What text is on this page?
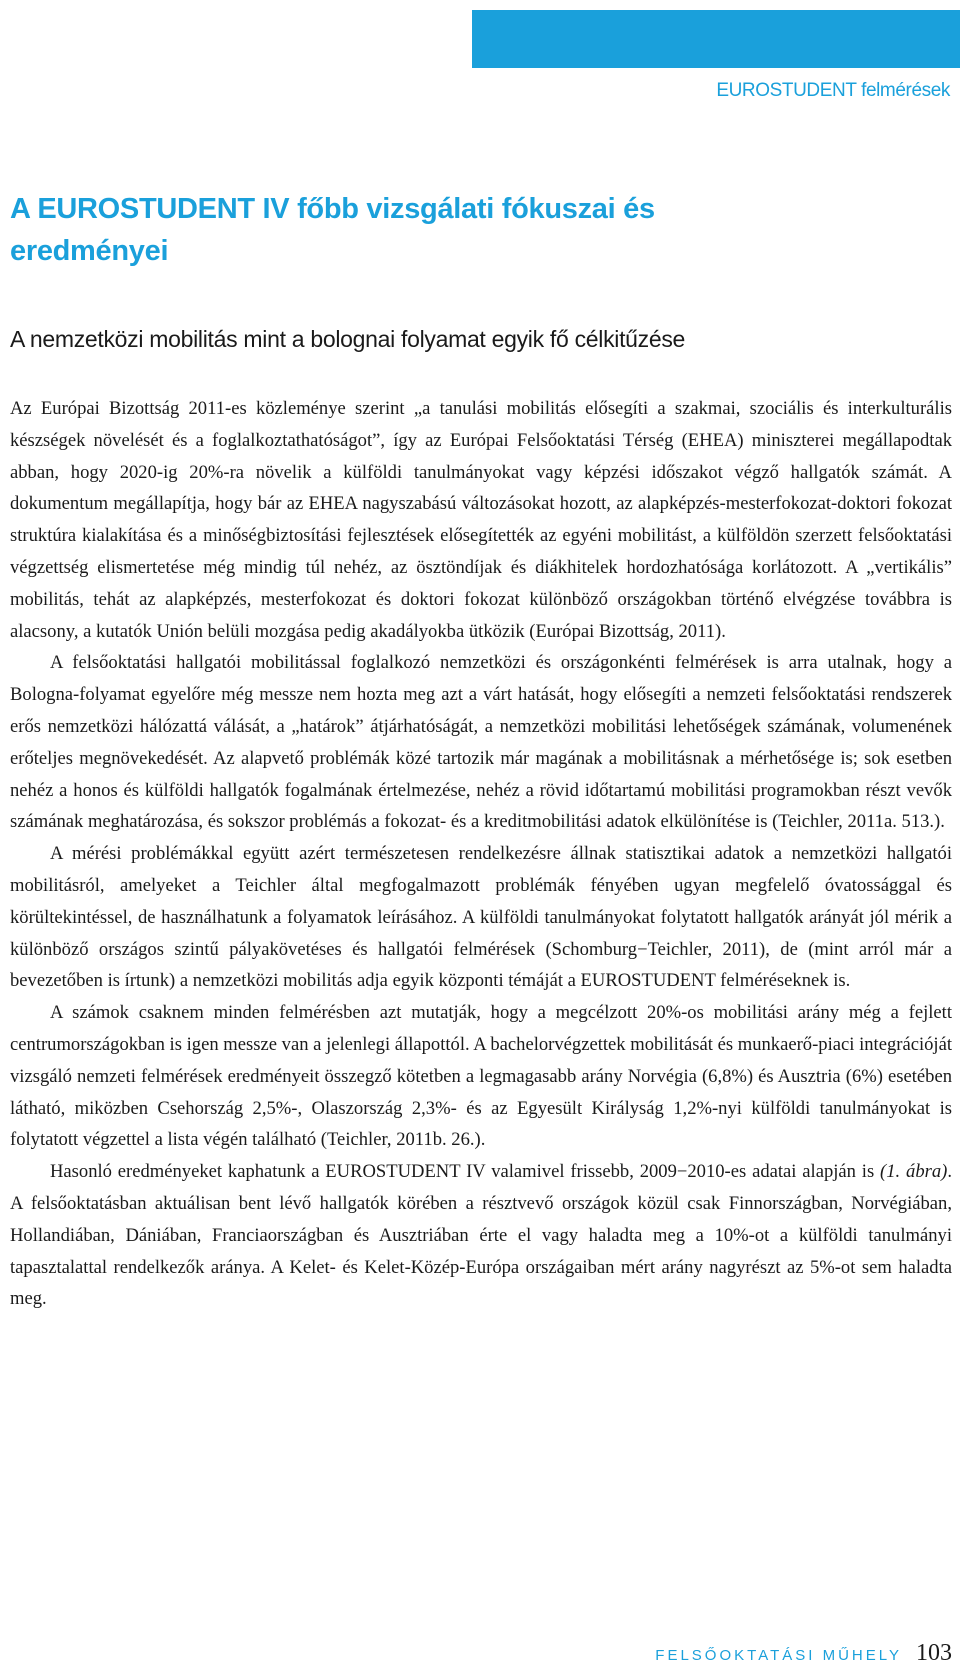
EUROSTUDENT felmérések
A EUROSTUDENT IV főbb vizsgálati fókuszai és eredményei
A nemzetközi mobilitás mint a bolognai folyamat egyik fő célkitűzése

Az Európai Bizottság 2011-es közleménye szerint „a tanulási mobilitás elősegíti a szakmai, szociális és interkulturális készségek növelését és a foglalkoztathatóságot”, így az Európai Felsőoktatási Térség (EHEA) miniszterei megállapodtak abban, hogy 2020-ig 20%-ra növelik a külföldi tanulmányokat vagy képzési időszakot végző hallgatók számát. A dokumentum megállapítja, hogy bár az EHEA nagyszabású változásokat hozott, az alapképzés-mesterfokozat-doktori fokozat struktúra kialakítása és a minőségbiztosítási fejlesztések elősegítették az egyéni mobilitást, a külföldön szerzett felsőoktatási végzettség elismertetése még mindig túl nehéz, az ösztöndíjak és diákhitelek hordozhatósága korlátozott. A „vertikális” mobilitás, tehát az alapképzés, mesterfokozat és doktori fokozat különböző országokban történő elvégzése továbbra is alacsony, a kutatók Unión belüli mozgása pedig akadályokba ütközik (Európai Bizottság, 2011).

A felsőoktatási hallgatói mobilitással foglalkozó nemzetközi és országonkénti felmérések is arra utalnak, hogy a Bologna-folyamat egyelőre még messze nem hozta meg azt a várt hatását, hogy elősegíti a nemzeti felsőoktatási rendszerek erős nemzetközi hálózattá válását, a „határok” átjárhatóságát, a nemzetközi mobilitási lehetőségek számának, volumenének erőteljes megnövekedését. Az alapvető problémák közé tartozik már magának a mobilitásnak a mérhetősége is; sok esetben nehéz a honos és külföldi hallgatók fogalmának értelmezése, nehéz a rövid időtartamú mobilitási programokban részt vevők számának meghatározása, és sokszor problémás a fokozat- és a kreditmobilitási adatok elkülönítése is (Teichler, 2011a. 513.).

A mérési problémákkal együtt azért természetesen rendelkezésre állnak statisztikai adatok a nemzetközi hallgatói mobilitásról, amelyeket a Teichler által megfogalmazott problémák fényében ugyan megfelelő óvatossággal és körültekintéssel, de használhatunk a folyamatok leírásához. A külföldi tanulmányokat folytatott hallgatók arányát jól mérik a különböző országos szintű pályakövetéses és hallgatói felmérések (Schomburg−Teichler, 2011), de (mint arról már a bevezetőben is írtunk) a nemzetközi mobilitás adja egyik központi témáját a EUROSTUDENT felméréseknek is.

A számok csaknem minden felmérésben azt mutatják, hogy a megcélzott 20%-os mobilitási arány még a fejlett centrumországokban is igen messze van a jelenlegi állapottól. A bachelorvégzettek mobilitását és munkaerő-piaci integrációját vizsgáló nemzeti felmérések eredményeit összegző kötetben a legmagasabb arány Norvégia (6,8%) és Ausztria (6%) esetében látható, miközben Csehország 2,5%-, Olaszország 2,3%- és az Egyesült Királyság 1,2%-nyi külföldi tanulmányokat is folytatott végzettel a lista végén található (Teichler, 2011b. 26.).

Hasonló eredményeket kaphatunk a EUROSTUDENT IV valamivel frissebb, 2009−2010-es adatai alapján is (1. ábra). A felsőoktatásban aktuálisan bent lévő hallgatók körében a résztvevő országok közül csak Finnországban, Norvégiában, Hollandiában, Dániában, Franciaországban és Ausztriában érte el vagy haladta meg a 10%-ot a külföldi tanulmányi tapasztalattal rendelkezők aránya. A Kelet- és Kelet-Közép-Európa országaiban mért arány nagyrészt az 5%-ot sem haladta meg.

FELSŐOKTATÁSI MŰHELY 103
